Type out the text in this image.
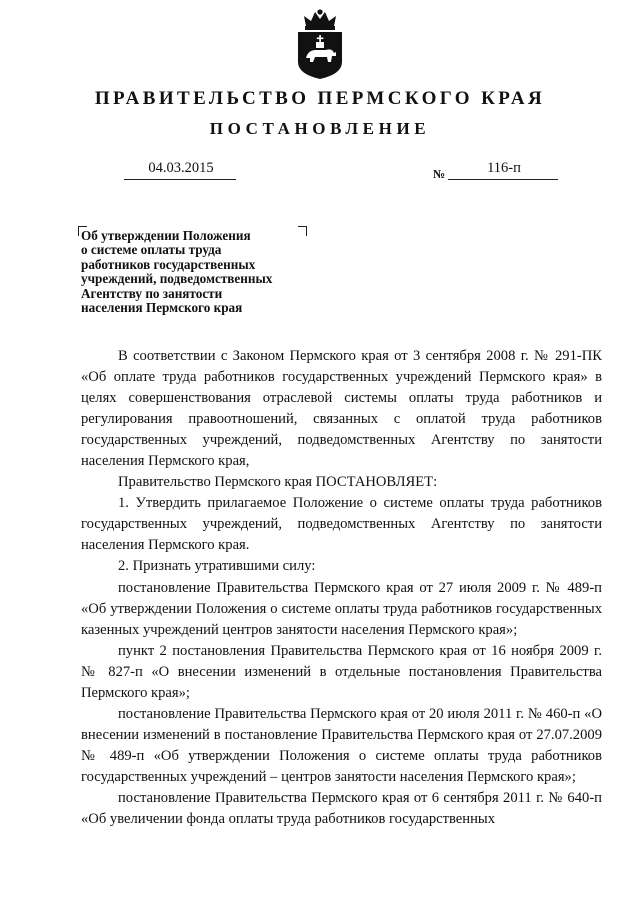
ПРАВИТЕЛЬСТВО ПЕРМСКОГО КРАЯ
ПОСТАНОВЛЕНИЕ
04.03.2015	№	116-п
Об утверждении Положения
о системе оплаты труда
работников государственных
учреждений, подведомственных
Агентству по занятости
населения Пермского края

В соответствии с Законом Пермского края от 3 сентября 2008 г. № 291-ПК «Об оплате труда работников государственных учреждений Пермского края» в целях совершенствования отраслевой системы оплаты труда работников и регулирования правоотношений, связанных с оплатой труда работников государственных учреждений, подведомственных Агентству по занятости населения Пермского края,

Правительство Пермского края ПОСТАНОВЛЯЕТ:

1. Утвердить прилагаемое Положение о системе оплаты труда работников государственных учреждений, подведомственных Агентству по занятости населения Пермского края.

2. Признать утратившими силу:

постановление Правительства Пермского края от 27 июля 2009 г. № 489-п «Об утверждении Положения о системе оплаты труда работников государственных казенных учреждений центров занятости населения Пермского края»;

пункт 2 постановления Правительства Пермского края от 16 ноября 2009 г. № 827-п «О внесении изменений в отдельные постановления Правительства Пермского края»;

постановление Правительства Пермского края от 20 июля 2011 г. № 460-п «О внесении изменений в постановление Правительства Пермского края от 27.07.2009 № 489-п «Об утверждении Положения о системе оплаты труда работников государственных учреждений – центров занятости населения Пермского края»;

постановление Правительства Пермского края от 6 сентября 2011 г. № 640-п «Об увеличении фонда оплаты труда работников государственных
